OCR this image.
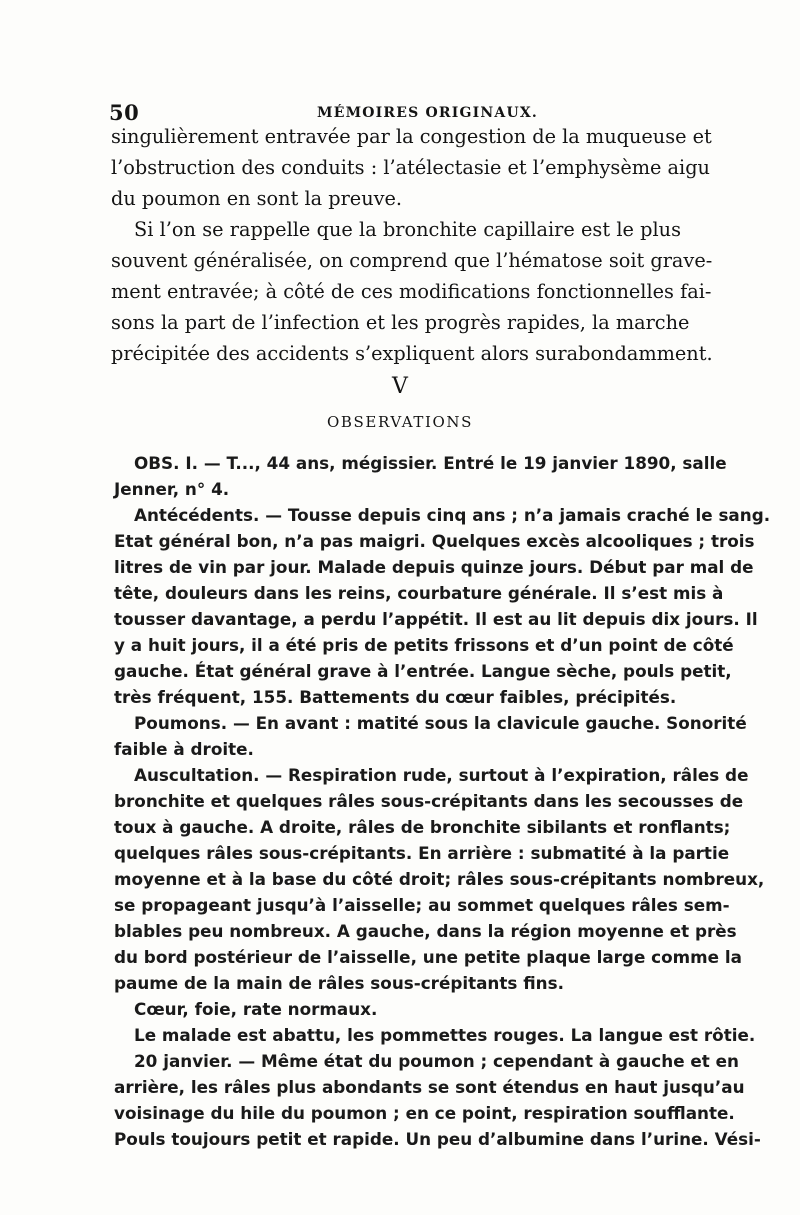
50	MÉMOIRES ORIGINAUX.
singulièrement entravée par la congestion de la muqueuse et
l’obstruction des conduits : l’atélectasie et l’emphysème aigu
du poumon en sont la preuve.
Si l’on se rappelle que la bronchite capillaire est le plus
souvent généralisée, on comprend que l’hématose soit grave-
ment entravée; à côté de ces modifications fonctionnelles fai-
sons la part de l’infection et les progrès rapides, la marche
précipitée des accidents s’expliquent alors surabondamment.
V
OBSERVATIONS
OBS. I. — T..., 44 ans, mégissier. Entré le 19 janvier 1890, salle
Jenner, n° 4.
Antécédents. — Tousse depuis cinq ans ; n’a jamais craché le sang.
Etat général bon, n’a pas maigri. Quelques excès alcooliques ; trois
litres de vin par jour. Malade depuis quinze jours. Début par mal de
tête, douleurs dans les reins, courbature générale. Il s’est mis à
tousser davantage, a perdu l’appétit. Il est au lit depuis dix jours. Il
y a huit jours, il a été pris de petits frissons et d’un point de côté
gauche. État général grave à l’entrée. Langue sèche, pouls petit,
très fréquent, 155. Battements du cœur faibles, précipités.
Poumons. — En avant : matité sous la clavicule gauche. Sonorité
faible à droite.
Auscultation. — Respiration rude, surtout à l’expiration, râles de
bronchite et quelques râles sous-crépitants dans les secousses de
toux à gauche. A droite, râles de bronchite sibilants et ronflants;
quelques râles sous-crépitants. En arrière : submatité à la partie
moyenne et à la base du côté droit; râles sous-crépitants nombreux,
se propageant jusqu’à l’aisselle; au sommet quelques râles sem-
blables peu nombreux. A gauche, dans la région moyenne et près
du bord postérieur de l’aisselle, une petite plaque large comme la
paume de la main de râles sous-crépitants fins.
Cœur, foie, rate normaux.
Le malade est abattu, les pommettes rouges. La langue est rôtie.
20 janvier. — Même état du poumon ; cependant à gauche et en
arrière, les râles plus abondants se sont étendus en haut jusqu’au
voisinage du hile du poumon ; en ce point, respiration soufflante.
Pouls toujours petit et rapide. Un peu d’albumine dans l’urine. Vési-
